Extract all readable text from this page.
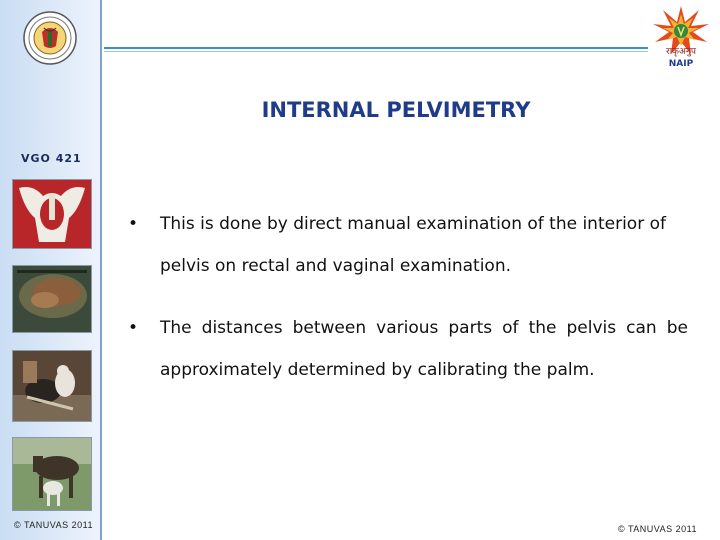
राकृअनुप
NAIP
INTERNAL PELVIMETRY
VGO 421
•	This is done by direct manual examination of the interior of pelvis on rectal and vaginal examination.
•	The distances between various parts of the pelvis can be approximately determined by calibrating the palm.
© TANUVAS 2011	© TANUVAS 2011
